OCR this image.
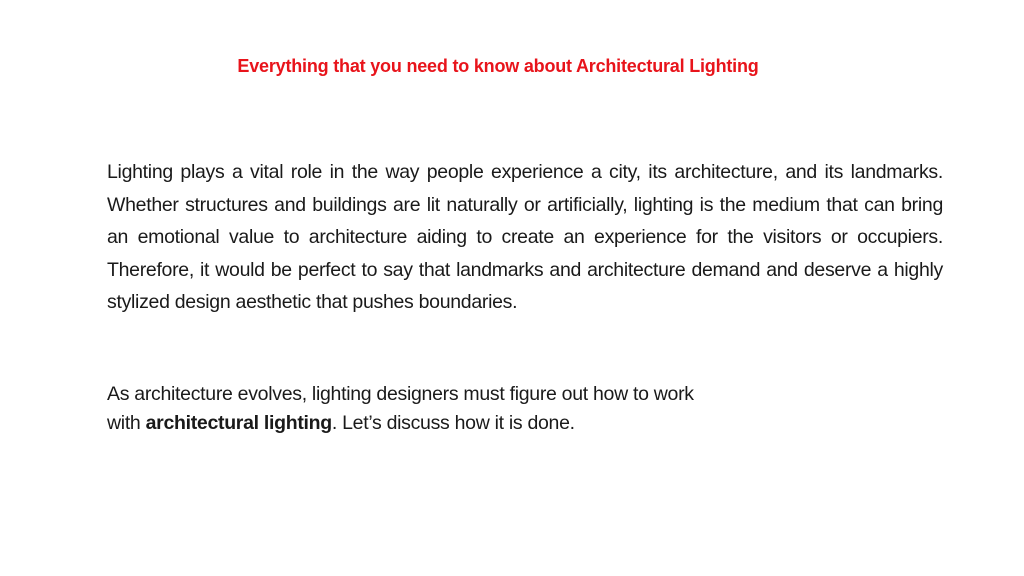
Everything that you need to know about Architectural Lighting

Lighting plays a vital role in the way people experience a city, its architecture, and its landmarks. Whether structures and buildings are lit naturally or artificially, lighting is the medium that can bring an emotional value to architecture aiding to create an experience for the visitors or occupiers. Therefore, it would be perfect to say that landmarks and architecture demand and deserve a highly stylized design aesthetic that pushes boundaries.

As architecture evolves, lighting designers must figure out how to work
with architectural lighting. Let’s discuss how it is done.
